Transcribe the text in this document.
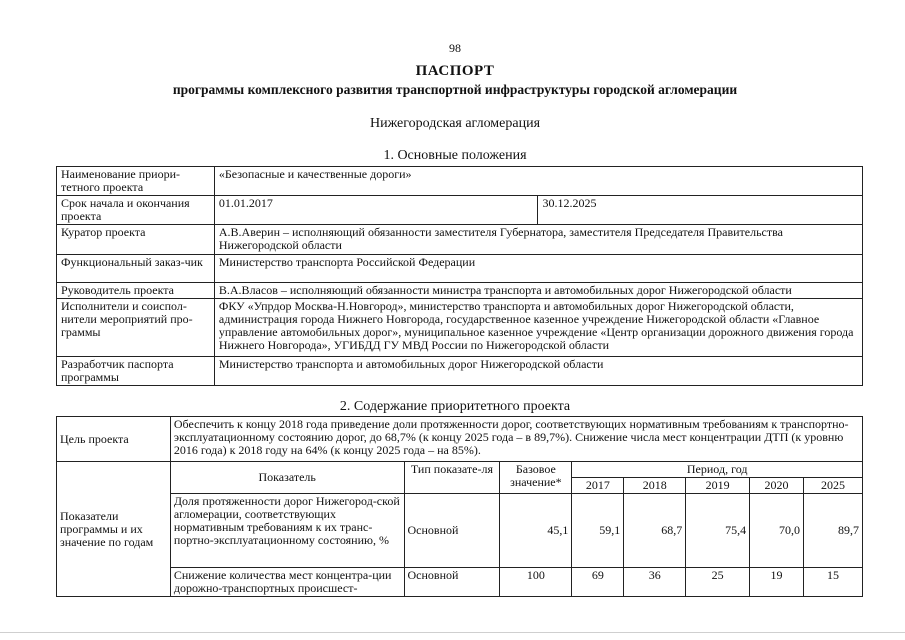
98
ПАСПОРТ
программы комплексного развития транспортной инфраструктуры городской агломерации
Нижегородская агломерация
1. Основные положения
Наименование приори-тетного проекта	«Безопасные и качественные дороги»	
Срок начала и окончания проекта	01.01.2017	30.12.2025
Куратор проекта	А.В.Аверин – исполняющий обязанности заместителя Губернатора, заместителя Председателя Правительства Нижегородской области	
Функциональный заказ-чик	Министерство транспорта Российской Федерации	
Руководитель проекта	В.А.Власов – исполняющий обязанности министра транспорта и автомобильных дорог Нижегородской области	
Исполнители и соиспол-нители мероприятий про-граммы	ФКУ «Упрдор Москва-Н.Новгород», министерство транспорта и автомобильных дорог Нижегородской области, администрация города Нижнего Новгорода, государственное казенное учреждение Нижегородской области «Главное управление автомобильных дорог», муниципальное казенное учреждение «Центр организации дорожного движения города Нижнего Новгорода», УГИБДД ГУ МВД России по Нижегородской области	
Разработчик паспорта программы	Министерство транспорта и автомобильных дорог Нижегородской области	
2. Содержание приоритетного проекта
Цель проекта	Обеспечить к концу 2018 года приведение доли протяженности дорог, соответствующих нормативным требованиям к транспортно-эксплуатационному состоянию дорог, до 68,7% (к концу 2025 года – в 89,7%). Снижение числа мест концентрации ДТП (к уровню 2016 года) к 2018 году на 64% (к концу 2025 года – на 85%).							
Показатели программы и их значение по годам	Показатель	Тип показате-ля	Базовое значение*	Период, год				
				2017	2018	2019	2020	2025
	Доля протяженности дорог Нижегород-ской агломерации, соответствующих нормативным требованиям к их транс-портно-эксплуатационному состоянию, %	Основной	45,1	59,1	68,7	75,4	70,0	89,7
	Снижение количества мест концентра-ции дорожно-транспортных происшест-	Основной	100	69	36	25	19	15
